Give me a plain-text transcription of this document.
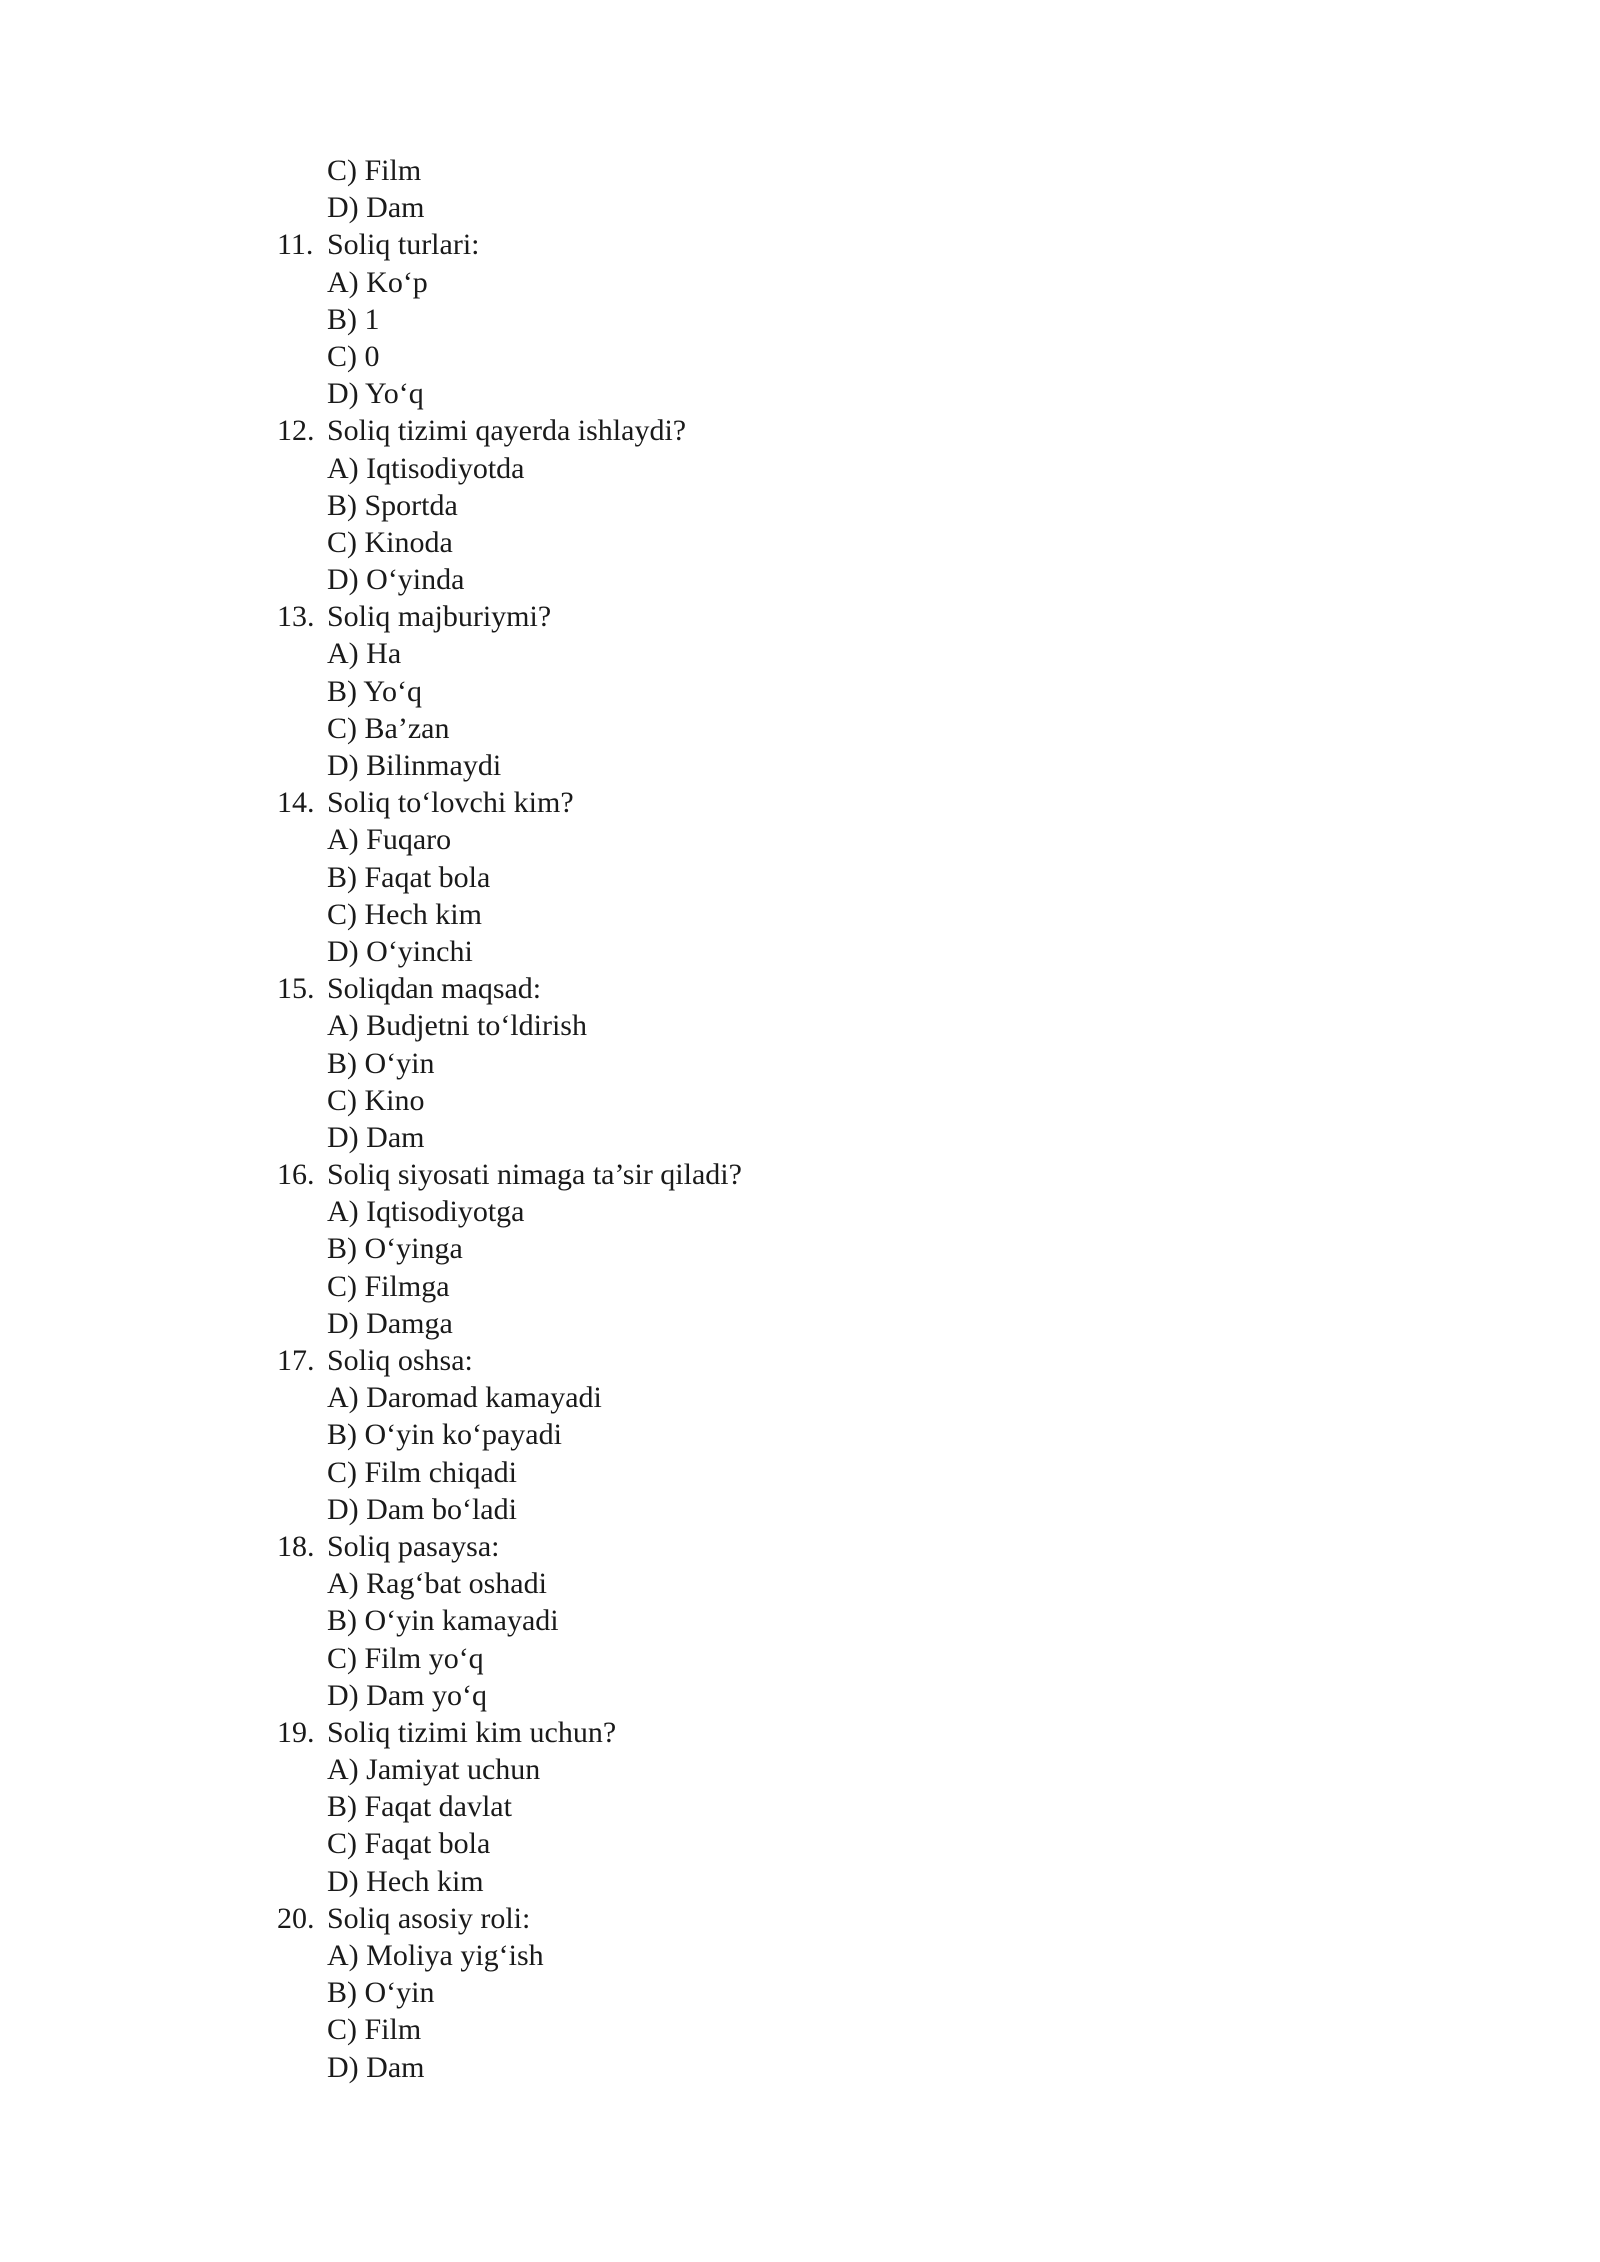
C) Film
D) Dam
11. Soliq turlari:
A) Ko‘p
B) 1
C) 0
D) Yo‘q
12. Soliq tizimi qayerda ishlaydi?
A) Iqtisodiyotda
B) Sportda
C) Kinoda
D) O‘yinda
13. Soliq majburiymi?
A) Ha
B) Yo‘q
C) Ba’zan
D) Bilinmaydi
14. Soliq to‘lovchi kim?
A) Fuqaro
B) Faqat bola
C) Hech kim
D) O‘yinchi
15. Soliqdan maqsad:
A) Budjetni to‘ldirish
B) O‘yin
C) Kino
D) Dam
16. Soliq siyosati nimaga ta’sir qiladi?
A) Iqtisodiyotga
B) O‘yinga
C) Filmga
D) Damga
17. Soliq oshsa:
A) Daromad kamayadi
B) O‘yin ko‘payadi
C) Film chiqadi
D) Dam bo‘ladi
18. Soliq pasaysa:
A) Rag‘bat oshadi
B) O‘yin kamayadi
C) Film yo‘q
D) Dam yo‘q
19. Soliq tizimi kim uchun?
A) Jamiyat uchun
B) Faqat davlat
C) Faqat bola
D) Hech kim
20. Soliq asosiy roli:
A) Moliya yig‘ish
B) O‘yin
C) Film
D) Dam
